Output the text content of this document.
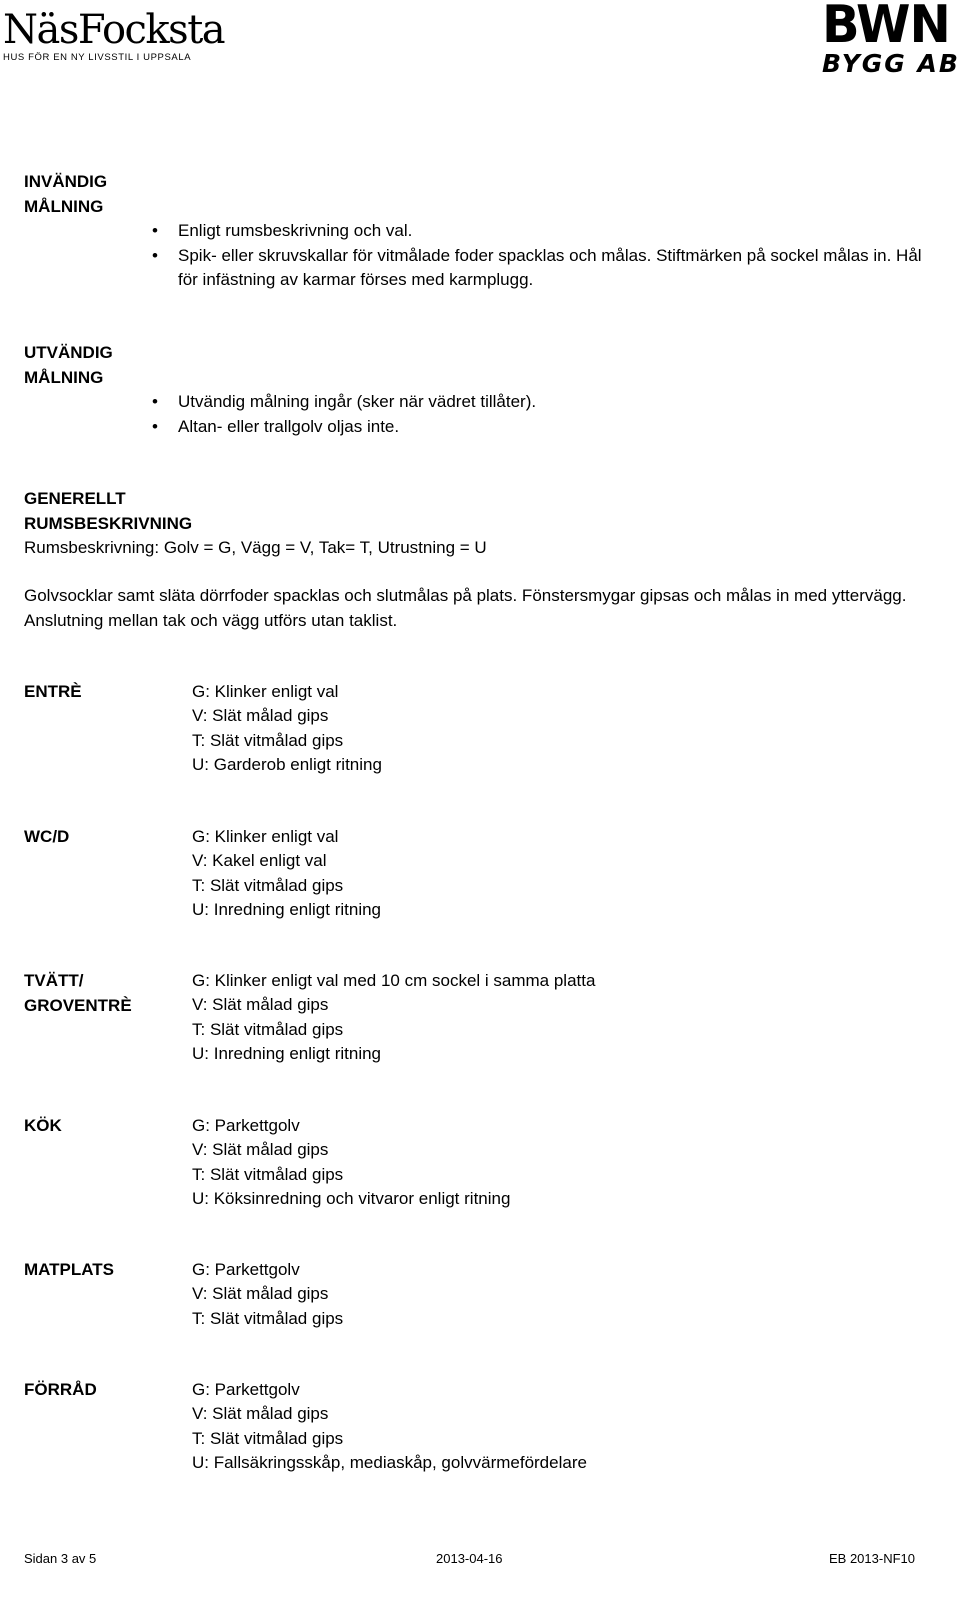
NäsFocksta
HUS FÖR EN NY LIVSSTIL I UPPSALA
BWN
BYGG AB
INVÄNDIG
MÅLNING
• Enligt rumsbeskrivning och val.
• Spik- eller skruvskallar för vitmålade foder spacklas och målas. Stiftmärken på sockel målas in. Hål för infästning av karmar förses med karmplugg.
UTVÄNDIG
MÅLNING
• Utvändig målning ingår (sker när vädret tillåter).
• Altan- eller trallgolv oljas inte.
GENERELLT
RUMSBESKRIVNING
Rumsbeskrivning: Golv = G, Vägg = V, Tak= T, Utrustning = U
Golvsocklar samt släta dörrfoder spacklas och slutmålas på plats. Fönstersmygar gipsas och målas in med yttervägg. Anslutning mellan tak och vägg utförs utan taklist.
ENTRÈ	G: Klinker enligt val
V: Slät målad gips
T: Slät vitmålad gips
U: Garderob enligt ritning
WC/D	G: Klinker enligt val
V: Kakel enligt val
T: Slät vitmålad gips
U: Inredning enligt ritning
TVÄTT/ GROVENTRÈ
G: Klinker enligt val med 10 cm sockel i samma platta
V: Slät målad gips
T: Slät vitmålad gips
U: Inredning enligt ritning
KÖK	G: Parkettgolv
V: Slät målad gips
T: Slät vitmålad gips
U: Köksinredning och vitvaror enligt ritning
MATPLATS	G: Parkettgolv
V: Slät målad gips
T: Slät vitmålad gips
FÖRRÅD	G: Parkettgolv
V: Slät målad gips
T: Slät vitmålad gips
U: Fallsäkringsskåp, mediaskåp, golvvärmefördelare
Sidan 3 av 5	2013-04-16	EB 2013-NF10
